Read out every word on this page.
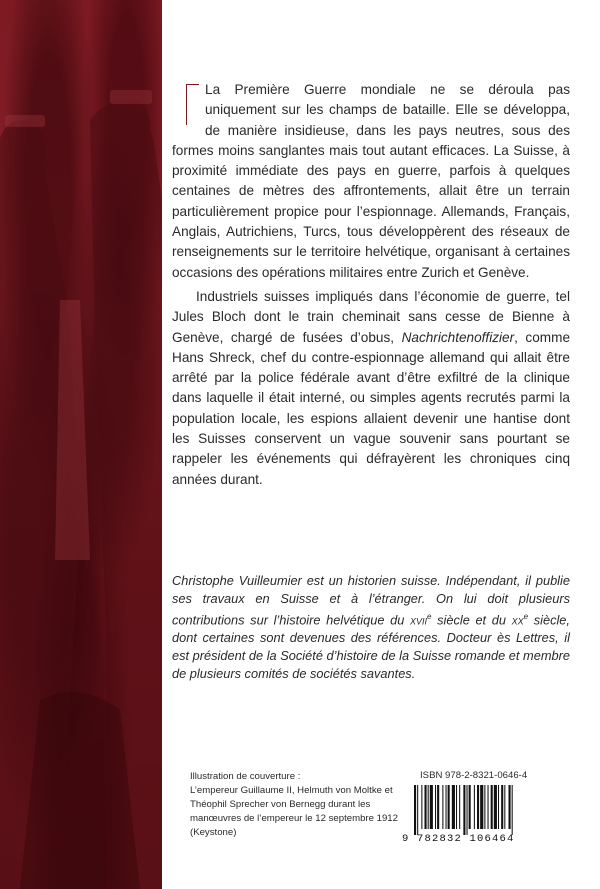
La Première Guerre mondiale ne se déroula pas uniquement sur les champs de bataille. Elle se développa, de manière insidieuse, dans les pays neutres, sous des formes moins sanglantes mais tout autant efficaces. La Suisse, à proximité immédiate des pays en guerre, parfois à quelques centaines de mètres des affrontements, allait être un terrain particulièrement propice pour l’espionnage. Allemands, Français, Anglais, Autrichiens, Turcs, tous développèrent des réseaux de renseignements sur le territoire helvétique, organisant à certaines occasions des opérations militaires entre Zurich et Genève.

Industriels suisses impliqués dans l’économie de guerre, tel Jules Bloch dont le train cheminait sans cesse de Bienne à Genève, chargé de fusées d’obus, Nachrichtenoffizier, comme Hans Shreck, chef du contre-espionnage allemand qui allait être arrêté par la police fédérale avant d’être exfiltré de la clinique dans laquelle il était interné, ou simples agents recrutés parmi la population locale, les espions allaient devenir une hantise dont les Suisses conservent un vague souvenir sans pourtant se rappeler les événements qui défrayèrent les chroniques cinq années durant.

Christophe Vuilleumier est un historien suisse. Indépendant, il publie ses travaux en Suisse et à l’étranger. On lui doit plusieurs contributions sur l’histoire helvétique du xvii$^e$ siècle et du $xx^e$ siècle, dont certaines sont devenues des références. Docteur ès Lettres, il est président de la Société d’histoire de la Suisse romande et membre de plusieurs comités de sociétés savantes.
Illustration de couverture :
L’empereur Guillaume II, Helmuth von Moltke et Théophil Sprecher von Bernegg durant les manœuvres de l’empereur le 12 septembre 1912 (Keystone)
ISBN 978-2-8321-0646-4
9 782832 106464
